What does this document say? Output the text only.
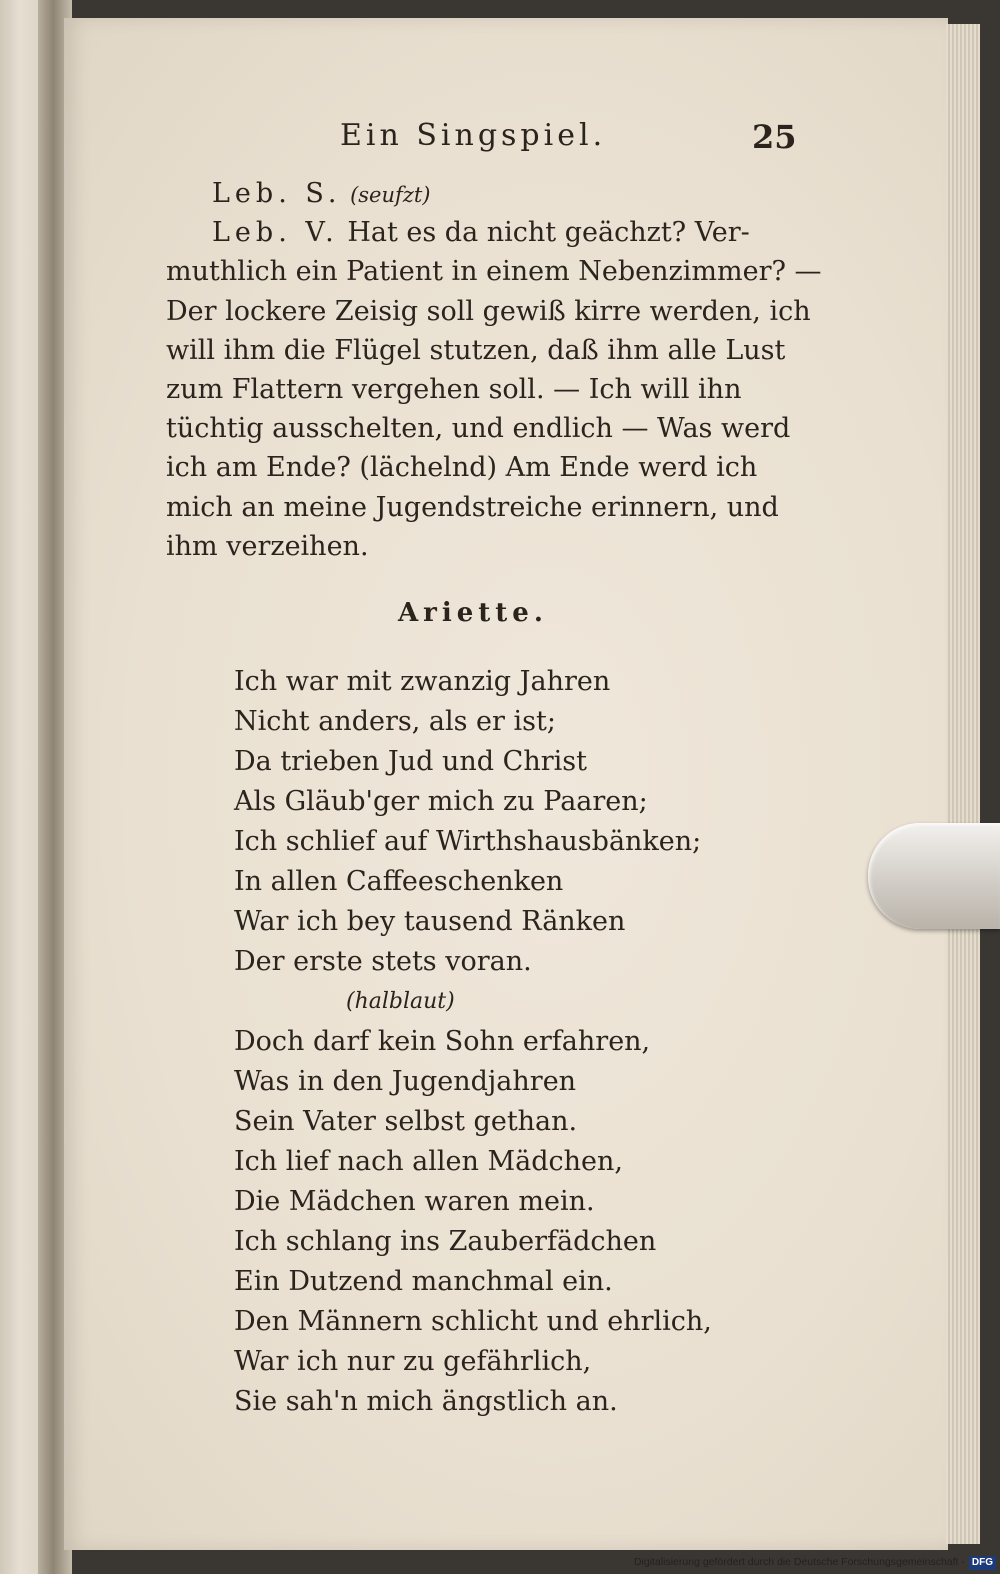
Ein Singspiel.	25
Leb. S. (seufzt)
Leb. V. Hat es da nicht geächzt? Ver-
muthlich ein Patient in einem Nebenzimmer? —
Der lockere Zeisig soll gewiß kirre werden, ich
will ihm die Flügel stutzen, daß ihm alle Lust
zum Flattern vergehen soll. — Ich will ihn
tüchtig ausschelten, und endlich — Was werd
ich am Ende? (lächelnd) Am Ende werd ich
mich an meine Jugendstreiche erinnern, und
ihm verzeihen.
Ariette.
Ich war mit zwanzig Jahren
Nicht anders, als er ist;
Da trieben Jud und Christ
Als Gläub'ger mich zu Paaren;
Ich schlief auf Wirthshausbänken;
In allen Caffeeschenken
War ich bey tausend Ränken
Der erste stets voran.
(halblaut)
Doch darf kein Sohn erfahren,
Was in den Jugendjahren
Sein Vater selbst gethan.
Ich lief nach allen Mädchen,
Die Mädchen waren mein.
Ich schlang ins Zauberfädchen
Ein Dutzend manchmal ein.
Den Männern schlicht und ehrlich,
War ich nur zu gefährlich,
Sie sah'n mich ängstlich an.
Digitalisierung gefördert durch die Deutsche Forschungsgemeinschaft - DFG
